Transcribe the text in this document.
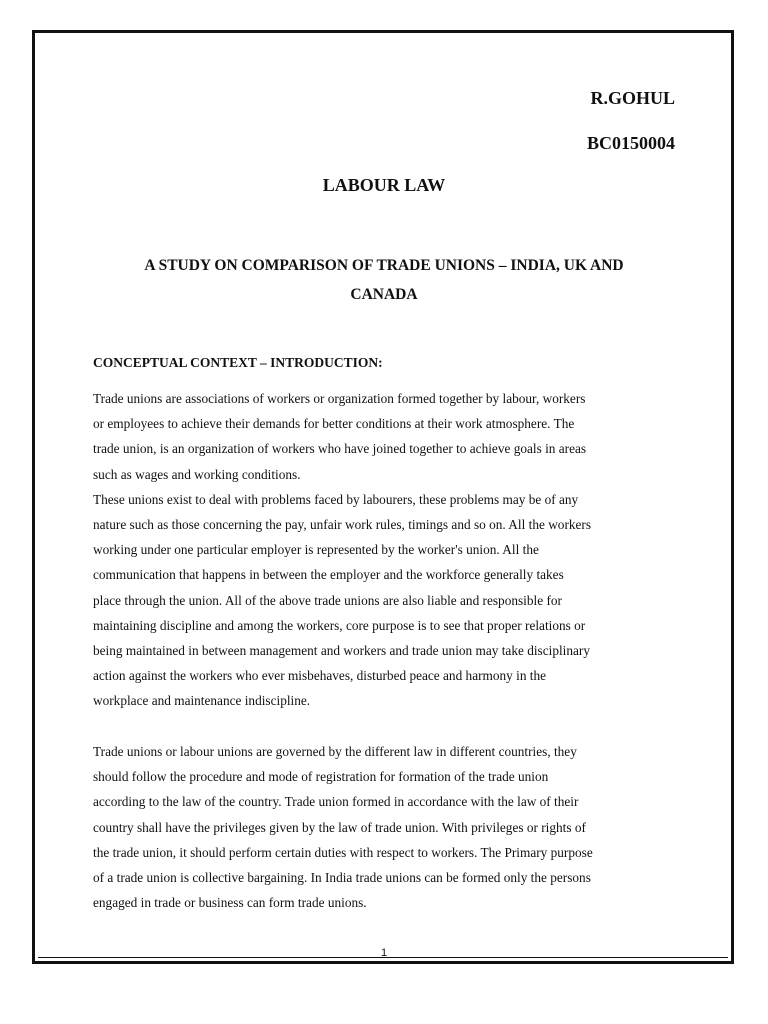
R.GOHUL
BC0150004
LABOUR LAW
A STUDY ON COMPARISON OF TRADE UNIONS – INDIA, UK AND
CANADA
CONCEPTUAL CONTEXT – INTRODUCTION:
Trade unions are associations of workers or organization formed together by labour, workers
or employees to achieve their demands for better conditions at their work atmosphere. The
trade union, is an organization of workers who have joined together to achieve goals in areas
such as wages and working conditions.
These unions exist to deal with problems faced by labourers, these problems may be of any
nature such as those concerning the pay, unfair work rules, timings and so on. All the workers
working under one particular employer is represented by the worker's union. All the
communication that happens in between the employer and the workforce generally takes
place through the union. All of the above trade unions are also liable and responsible for
maintaining discipline and among the workers, core purpose is to see that proper relations or
being maintained in between management and workers and trade union may take disciplinary
action against the workers who ever misbehaves, disturbed peace and harmony in the
workplace and maintenance indiscipline.
Trade unions or labour unions are governed by the different law in different countries, they
should follow the procedure and mode of registration for formation of the trade union
according to the law of the country. Trade union formed in accordance with the law of their
country shall have the privileges given by the law of trade union. With privileges or rights of
the trade union, it should perform certain duties with respect to workers. The Primary purpose
of a trade union is collective bargaining. In India trade unions can be formed only the persons
engaged in trade or business can form trade unions.
1
